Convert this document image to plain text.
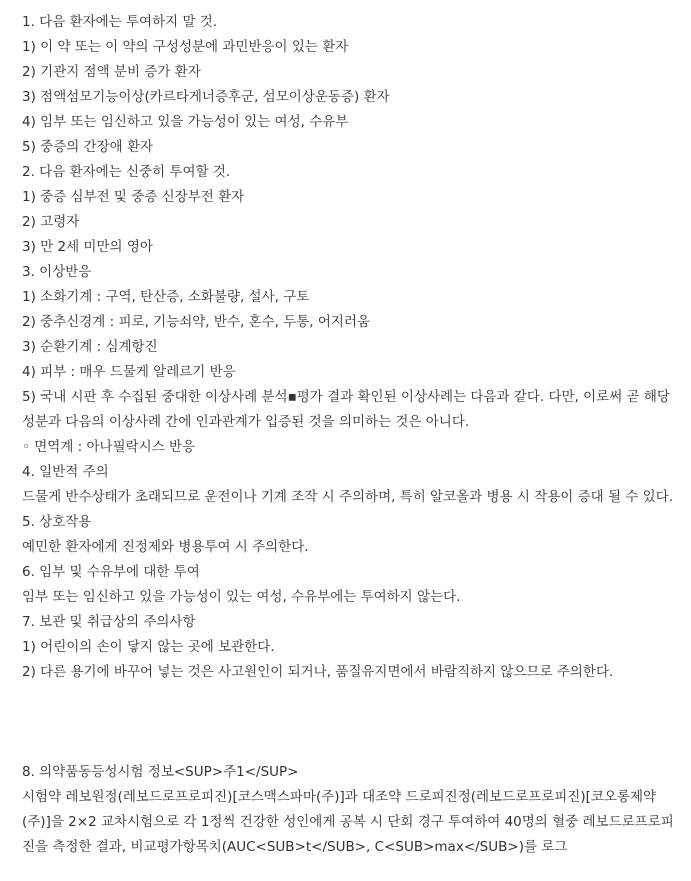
1. 다음 환자에는 투여하지 말 것.
1) 이 약 또는 이 약의 구성성분에 과민반응이 있는 환자
2) 기관지 점액 분비 증가 환자
3) 점액섬모기능이상(카르타게너증후군, 섬모이상운동증) 환자
4) 임부 또는 임신하고 있을 가능성이 있는 여성, 수유부
5) 중증의 간장애 환자
2. 다음 환자에는 신중히 투여할 것.
1) 중증 심부전 및 중증 신장부전 환자
2) 고령자
3) 만 2세 미만의 영아
3. 이상반응
1) 소화기계 : 구역, 탄산증, 소화불량, 설사, 구토
2) 중추신경계 : 피로, 기능쇠약, 반수, 혼수, 두통, 어지러움
3) 순환기계 : 심계항진
4) 피부 : 매우 드물게 알레르기 반응
5) 국내 시판 후 수집된 중대한 이상사례 분석▪평가 결과 확인된 이상사례는 다음과 같다. 다만, 이로써 곧 해당성분과 다음의 이상사례 간에 인과관계가 입증된 것을 의미하는 것은 아니다.
◦ 면역계 : 아나필락시스 반응
4. 일반적 주의
드물게 반수상태가 초래되므로 운전이나 기계 조작 시 주의하며, 특히 알코올과 병용 시 작용이 증대 될 수 있다.
5. 상호작용
예민한 환자에게 진정제와 병용투여 시 주의한다.
6. 임부 및 수유부에 대한 투여
임부 또는 임신하고 있을 가능성이 있는 여성, 수유부에는 투여하지 않는다.
7. 보관 및 취급상의 주의사항
1) 어린이의 손이 닿지 않는 곳에 보관한다.
2) 다른 용기에 바꾸어 넣는 것은 사고원인이 되거나, 품질유지면에서 바람직하지 않으므로 주의한다.
8. 의약품동등성시험 정보<SUP>주1</SUP>
시험약 레보원정(레보드로프로피진)[코스맥스파마(주)]과 대조약 드로피진정(레보드로프로피진)[코오롱제약(주)]을 2×2 교차시험으로 각 1정씩 건강한 성인에게 공복 시 단회 경구 투여하여 40명의 혈중 레보드로프로피진을 측정한 결과, 비교평가항목치(AUC<SUB>t</SUB>, C<SUB>max</SUB>)를 로그
